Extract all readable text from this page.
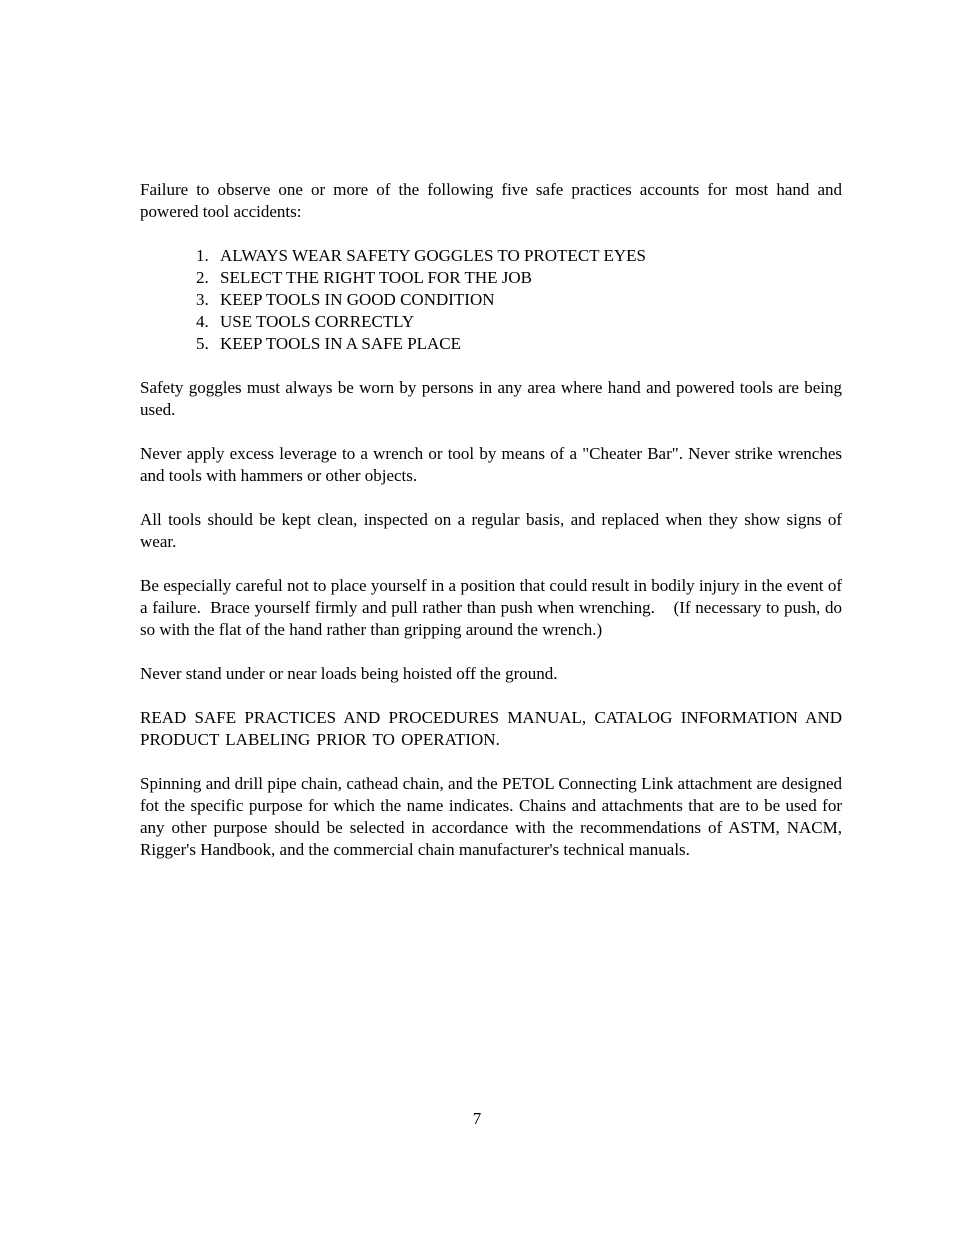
Failure to observe one or more of the following five safe practices accounts for most hand and powered tool accidents:

1. ALWAYS WEAR SAFETY GOGGLES TO PROTECT EYES
2. SELECT THE RIGHT TOOL FOR THE JOB
3. KEEP TOOLS IN GOOD CONDITION
4. USE TOOLS CORRECTLY
5. KEEP TOOLS IN A SAFE PLACE

Safety goggles must always be worn by persons in any area where hand and powered tools are being used.

Never apply excess leverage to a wrench or tool by means of a "Cheater Bar". Never strike wrenches and tools with hammers or other objects.

All tools should be kept clean, inspected on a regular basis, and replaced when they show signs of wear.

Be especially careful not to place yourself in a position that could result in bodily injury in the event of a failure.  Brace yourself firmly and pull rather than push when wrenching.    (If necessary to push, do so with the flat of the hand rather than gripping around the wrench.)

Never stand under or near loads being hoisted off the ground.

READ SAFE PRACTICES AND PROCEDURES MANUAL, CATALOG INFORMATION AND PRODUCT LABELING PRIOR TO OPERATION.

Spinning and drill pipe chain, cathead chain, and the PETOL Connecting Link attachment are designed fot the specific purpose for which the name indicates. Chains and attachments that are to be used for any other purpose should be selected in accordance with the recommendations of ASTM, NACM, Rigger's Handbook, and the commercial chain manufacturer's technical manuals.

7
